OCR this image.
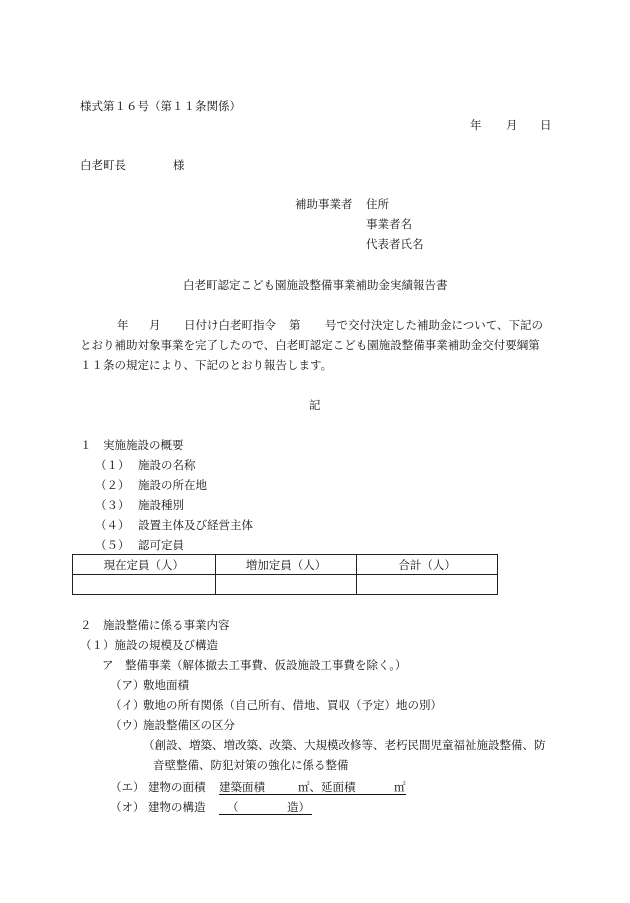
様式第１６号（第１１条関係）
年 月 日
白老町長	様
補助事業者 住所
事業者名
代表者氏名
白老町認定こども園施設整備事業補助金実績報告書
年 月 日付け白老町指令 第 号で交付決定した補助金について、下記の
とおり補助対象事業を完了したので、白老町認定こども園施設整備事業補助金交付要綱第
１１条の規定により、下記のとおり報告します。
記
１　実施施設の概要
（１） 施設の名称
（２） 施設の所在地
（３） 施設種別
（４） 設置主体及び経営主体
（５） 認可定員
現在定員（人）	増加定員（人）	合計（人）

２　施設整備に係る事業内容
（１）施設の規模及び構造
ア　整備事業（解体撤去工事費、仮設施設工事費を除く。）
（ア）
敷地面積
（イ）
敷地の所有関係（自己所有、借地、買収（予定）地の別）
（ウ）
施設整備区の区分
（創設、増築、増改築、改築、大規模改修等、老朽民間児童福祉施設整備、防
音壁整備、防犯対策の強化に係る整備
（エ） 建物の面積 建築面積	㎡、延面積	㎡
（オ） 建物の構造 （	造）
